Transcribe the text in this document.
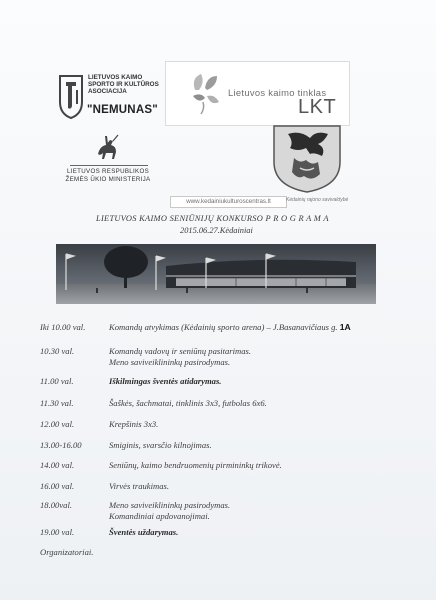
LIETUVOS KAIMO
SPORTO IR KULTŪROS
ASOCIACIJA
"NEMUNAS"
Lietuvos kaimo tinklas
LKT
LIETUVOS RESPUBLIKOS
ŽEMĖS ŪKIO MINISTERIJA
www.kedainiukulturoscentras.lt	Kėdainių rajono savivaldybė
LIETUVOS KAIMO SENIŪNIJŲ KONKURSO P R O G R A M A
2015.06.27.Kėdainiai
Iki 10.00 val.	Komandų atvykimas (Kėdainių sporto arena) – J.Basanavičiaus g. 1A
10.30 val.	Komandų vadovų ir seniūnų pasitarimas.
Meno saviveiklininkų pasirodymas.
11.00 val.	Iškilmingas šventės atidarymas.
11.30 val.	Šaškės, šachmatai, tinklinis 3x3, futbolas 6x6.
12.00 val.	Krepšinis 3x3.
13.00-16.00	Smiginis, svarsčio kilnojimas.
14.00 val.	Seniūnų, kaimo bendruomenių pirmininkų trikovė.
16.00 val.	Virvės traukimas.
18.00val.	Meno saviveiklininkų pasirodymas.
Komandiniai apdovanojimai.
19.00 val.	Šventės uždarymas.
Organizatoriai.
